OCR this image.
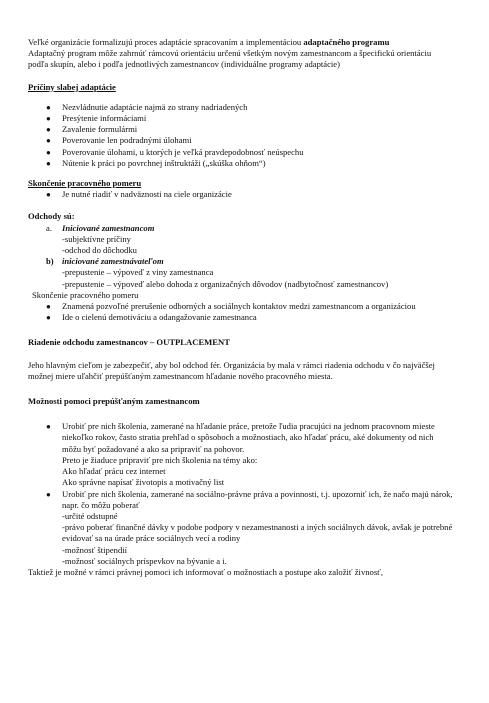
Veľké organizácie formalizujú proces adaptácie spracovaním a implementáciou adaptačného programu

Adaptačný program môže zahrnúť rámcovú orientáciu určenú všetkým novým zamestnancom a špecifickú orientáciu podľa skupín, alebo i podľa jednotlivých zamestnancov (individuálne programy adaptácie)

Príčiny slabej adaptácie

● Nezvládnutie adaptácie najmä zo strany nadriadených
● Presýtenie informáciami
● Zavalenie formulármi
● Poverovanie len podradnými úlohami
● Poverovanie úlohami, u ktorých je veľká pravdepodobnosť neúspechu
● Nútenie k práci po povrchnej inštruktáži („skúška ohňom“)

Skončenie pracovného pomeru

● Je nutné riadiť v nadväznosti na ciele organizácie

Odchody sú:

a. Iniciované zamestnancom

-subjektívne príčiny

-odchod do dôchodku

b) iniciované zamestnávateľom

-prepustenie – výpoveď z viny zamestnanca

-prepustenie – výpoveď alebo dohoda z organizačných dôvodov (nadbytočnosť zamestnancov)

Skončenie pracovného pomeru

● Znamená pozvoľné prerušenie odborných a sociálnych kontaktov medzi zamestnancom a organizáciou
● Ide o cielenú demotiváciu a odangažovanie zamestnanca

Riadenie odchodu zamestnancov – OUTPLACEMENT

Jeho hlavným cieľom je zabezpečiť, aby bol odchod fér. Organizácia by mala v rámci riadenia odchodu v čo najväčšej možnej miere uľahčiť prepúšťaným zamestnancom hľadanie nového pracovného miesta.

Možnosti pomoci prepúšťaným zamestnancom

● Urobiť pre nich školenia, zamerané na hľadanie práce, pretože ľudia pracujúci na jednom pracovnom mieste niekoľko rokov, často stratia prehľad o spôsoboch a možnostiach, ako hľadať prácu, aké dokumenty od nich môžu byť požadované a ako sa pripraviť na pohovor.

Preto je žiaduce pripraviť pre nich školenia na témy ako:

Ako hľadať prácu cez internet

Ako správne napísať životopis a motivačný list

● Urobiť pre nich školenia, zamerané na sociálno-právne práva a povinnosti, t.j. upozorniť ich, že načo majú nárok, napr. čo môžu poberať

-určité odstupné

-právo poberať finančné dávky v podobe podpory v nezamestnanosti a iných sociálnych dávok, avšak je potrebné evidovať sa na úrade práce sociálnych vecí a rodiny

-možnosť štipendií

-možnosť sociálnych príspevkov na bývanie a i.

Taktiež je možné v rámci právnej pomoci ich informovať o možnostiach a postupe ako založiť živnosť,
